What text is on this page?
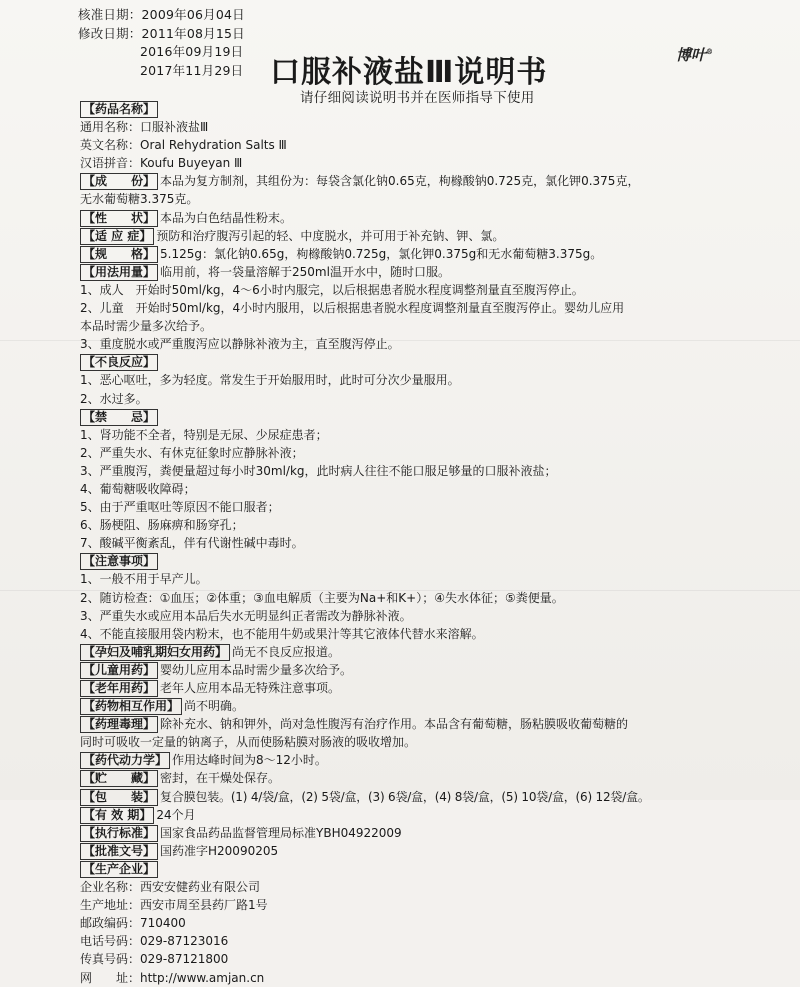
核准日期：2009年06月04日
修改日期：2011年08月15日
2016年09月19日
2017年11月29日
博叶®
口服补液盐Ⅲ说明书
请仔细阅读说明书并在医师指导下使用
【药品名称】
通用名称：口服补液盐Ⅲ
英文名称：Oral Rehydration Salts Ⅲ
汉语拼音：Koufu Buyeyan Ⅲ
【成　　份】 本品为复方制剂，其组份为：每袋含氯化钠0.65克，枸橼酸钠0.725克，氯化钾0.375克，
无水葡萄糖3.375克。
【性　　状】 本品为白色结晶性粉末。
【适 应 症】 预防和治疗腹泻引起的轻、中度脱水，并可用于补充钠、钾、氯。
【规　　格】 5.125g：氯化钠0.65g，枸橼酸钠0.725g，氯化钾0.375g和无水葡萄糖3.375g。
【用法用量】 临用前，将一袋量溶解于250ml温开水中，随时口服。
1、成人　开始时50ml/kg，4～6小时内服完，以后根据患者脱水程度调整剂量直至腹泻停止。
2、儿童　开始时50ml/kg，4小时内服用，以后根据患者脱水程度调整剂量直至腹泻停止。婴幼儿应用
本品时需少量多次给予。
3、重度脱水或严重腹泻应以静脉补液为主，直至腹泻停止。
【不良反应】
1、恶心呕吐，多为轻度。常发生于开始服用时，此时可分次少量服用。
2、水过多。
【禁　　忌】
1、肾功能不全者，特别是无尿、少尿症患者；
2、严重失水、有休克征象时应静脉补液；
3、严重腹泻，粪便量超过每小时30ml/kg，此时病人往往不能口服足够量的口服补液盐；
4、葡萄糖吸收障碍；
5、由于严重呕吐等原因不能口服者；
6、肠梗阻、肠麻痹和肠穿孔；
7、酸碱平衡紊乱，伴有代谢性碱中毒时。
【注意事项】
1、一般不用于早产儿。
2、随访检查：①血压；②体重；③血电解质（主要为Na+和K+）；④失水体征；⑤粪便量。
3、严重失水或应用本品后失水无明显纠正者需改为静脉补液。
4、不能直接服用袋内粉末，也不能用牛奶或果汁等其它液体代替水来溶解。
【孕妇及哺乳期妇女用药】 尚无不良反应报道。
【儿童用药】 婴幼儿应用本品时需少量多次给予。
【老年用药】 老年人应用本品无特殊注意事项。
【药物相互作用】 尚不明确。
【药理毒理】 除补充水、钠和钾外，尚对急性腹泻有治疗作用。本品含有葡萄糖，肠粘膜吸收葡萄糖的
同时可吸收一定量的钠离子，从而使肠粘膜对肠液的吸收增加。
【药代动力学】 作用达峰时间为8～12小时。
【贮　　藏】 密封，在干燥处保存。
【包　　装】 复合膜包装。(1) 4/袋/盒，(2) 5袋/盒，(3) 6袋/盒，(4) 8袋/盒，(5) 10袋/盒，(6) 12袋/盒。
【有 效 期】 24个月
【执行标准】 国家食品药品监督管理局标准YBH04922009
【批准文号】 国药准字H20090205
【生产企业】
企业名称：西安安健药业有限公司
生产地址：西安市周至县药厂路1号
邮政编码：710400
电话号码：029-87123016
传真号码：029-87121800
网　　址：http://www.amjan.cn
